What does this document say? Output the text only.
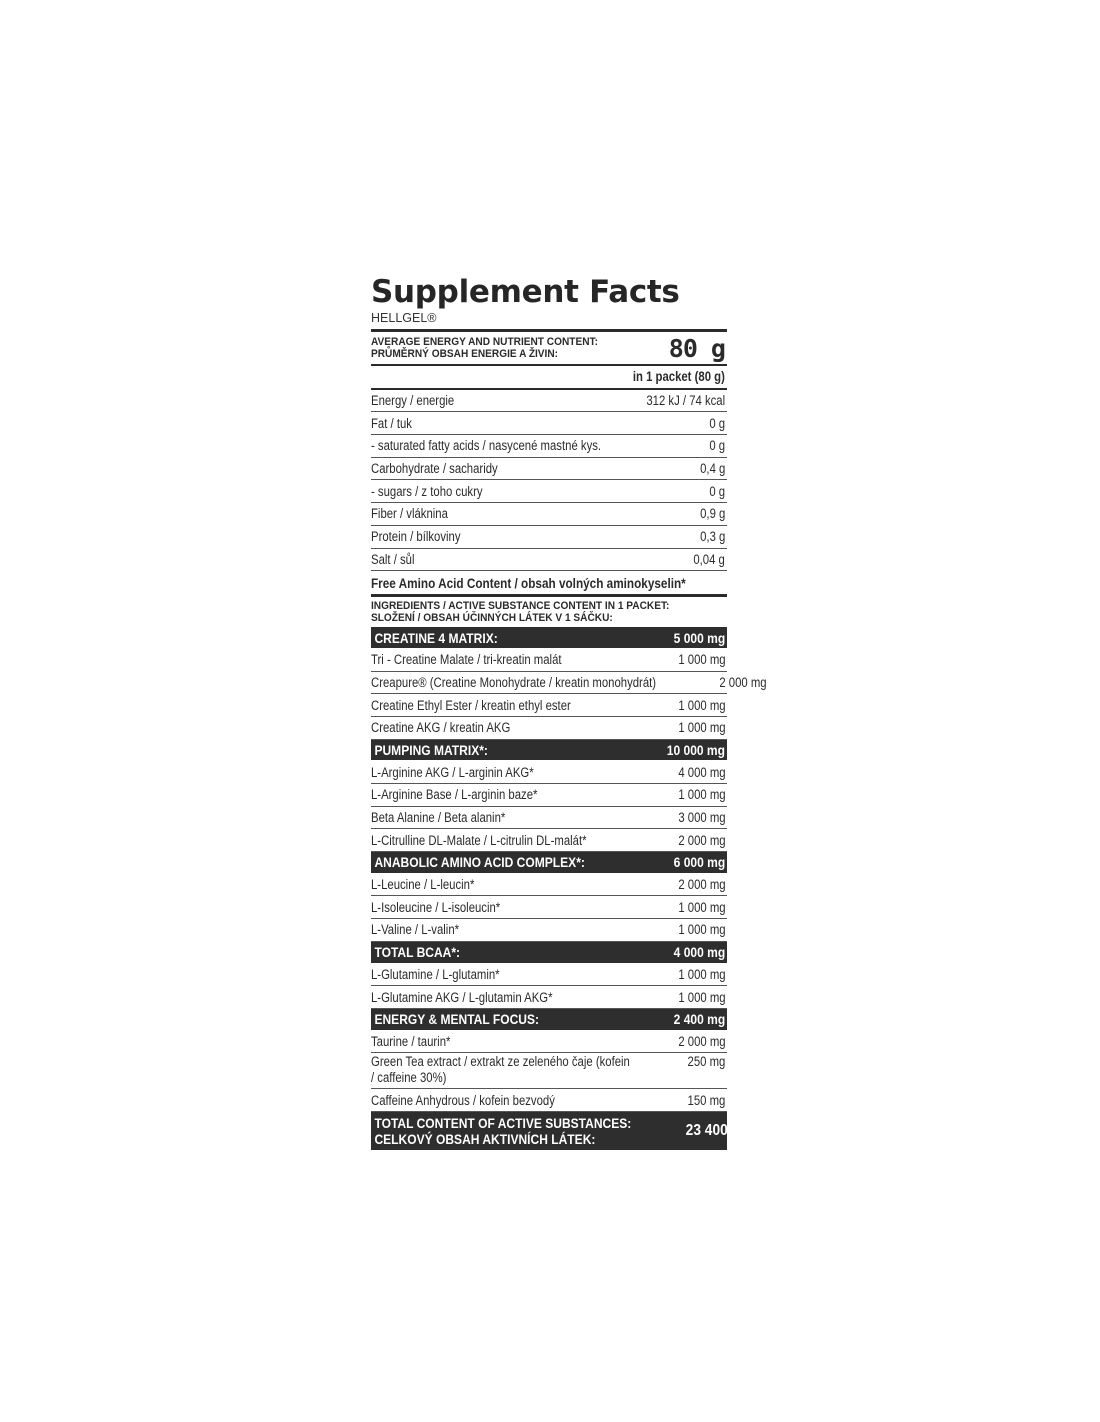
Supplement Facts
HELLGEL®
AVERAGE ENERGY AND NUTRIENT CONTENT:
PRŮMĚRNÝ OBSAH ENERGIE A ŽIVIN:	80 g
in 1 packet (80 g)
Energy / energie	312 kJ / 74 kcal
Fat / tuk	0 g
- saturated fatty acids / nasycené mastné kys.	0 g
Carbohydrate / sacharidy	0,4 g
- sugars / z toho cukry	0 g
Fiber / vláknina	0,9 g
Protein / bílkoviny	0,3 g
Salt / sůl	0,04 g
Free Amino Acid Content / obsah volných aminokyselin*
INGREDIENTS / ACTIVE SUBSTANCE CONTENT IN 1 PACKET:
SLOŽENÍ / OBSAH ÚČINNÝCH LÁTEK V 1 SÁČKU:
CREATINE 4 MATRIX:	5 000 mg
Tri - Creatine Malate / tri-kreatin malát	1 000 mg
Creapure® (Creatine Monohydrate / kreatin monohydrát)	2 000 mg
Creatine Ethyl Ester / kreatin ethyl ester	1 000 mg
Creatine AKG / kreatin AKG	1 000 mg
PUMPING MATRIX*:	10 000 mg
L-Arginine AKG / L-arginin AKG*	4 000 mg
L-Arginine Base / L-arginin baze*	1 000 mg
Beta Alanine / Beta alanin*	3 000 mg
L-Citrulline DL-Malate / L-citrulin DL-malát*	2 000 mg
ANABOLIC AMINO ACID COMPLEX*:	6 000 mg
L-Leucine / L-leucin*	2 000 mg
L-Isoleucine / L-isoleucin*	1 000 mg
L-Valine / L-valin*	1 000 mg
TOTAL BCAA*:	4 000 mg
L-Glutamine / L-glutamin*	1 000 mg
L-Glutamine AKG / L-glutamin AKG*	1 000 mg
ENERGY & MENTAL FOCUS:	2 400 mg
Taurine / taurin*	2 000 mg
Green Tea extract / extrakt ze zeleného čaje (kofein / caffeine 30%)
250 mg
Caffeine Anhydrous / kofein bezvodý	150 mg
TOTAL CONTENT OF ACTIVE SUBSTANCES:
CELKOVÝ OBSAH AKTIVNÍCH LÁTEK:	23 400 mg
